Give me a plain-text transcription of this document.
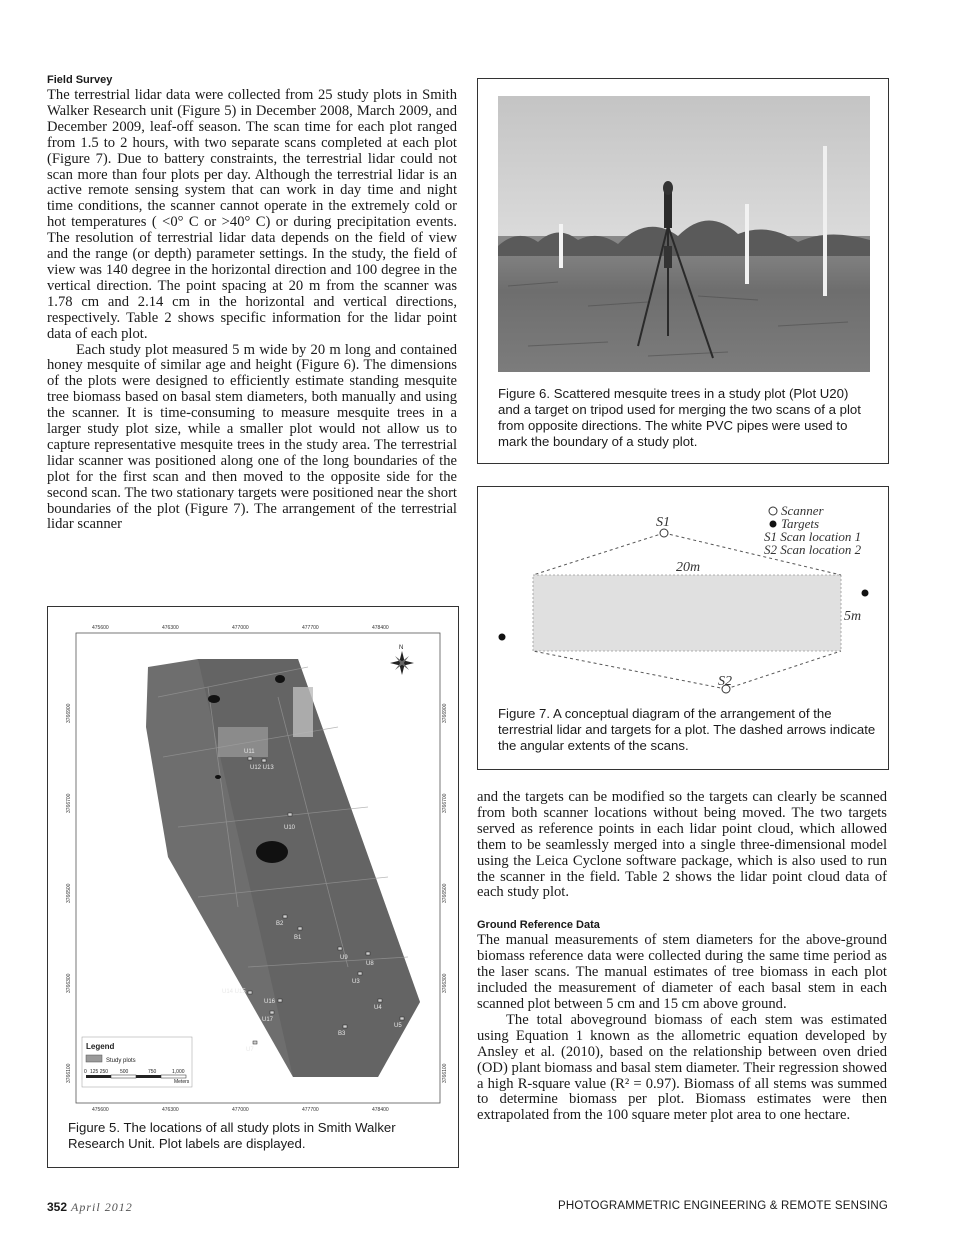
Field Survey

The terrestrial lidar data were collected from 25 study plots in Smith Walker Research unit (Figure 5) in December 2008, March 2009, and December 2009, leaf-off season. The scan time for each plot ranged from 1.5 to 2 hours, with two separate scans completed at each plot (Figure 7). Due to battery constraints, the terrestrial lidar could not scan more than four plots per day. Although the terrestrial lidar is an active remote sensing system that can work in day time and night time conditions, the scanner cannot operate in the extremely cold or hot temperatures ( <0° C or >40° C) or during precipitation events. The resolution of terrestrial lidar data depends on the field of view and the range (or depth) parameter settings. In the study, the field of view was 140 degree in the horizontal direction and 100 degree in the vertical direction. The point spacing at 20 m from the scanner was 1.78 cm and 2.14 cm in the horizontal and vertical directions, respectively. Table 2 shows specific information for the lidar point data of each plot.

Each study plot measured 5 m wide by 20 m long and contained honey mesquite of similar age and height (Figure 6). The dimensions of the plots were designed to efficiently estimate standing mesquite tree biomass based on basal stem diameters, both manually and using the scanner. It is time-consuming to measure mesquite trees in a larger study plot size, while a smaller plot would not allow us to capture representative mesquite trees in the study area. The terrestrial lidar scanner was positioned along one of the long boundaries of the plot for the first scan and then moved to the opposite side for the second scan. The two stationary targets were positioned near the short boundaries of the plot (Figure 7). The arrangement of the terrestrial lidar scanner

Figure 6. Scattered mesquite trees in a study plot (Plot U20) and a target on tripod used for merging the two scans of a plot from opposite directions. The white PVC pipes were used to mark the boundary of a study plot.
Scanner
Targets
S1 Scan location 1
S2 Scan location 2
S1
S2
20m
5m
Figure 7. A conceptual diagram of the arrangement of the terrestrial lidar and targets for a plot. The dashed arrows indicate the angular extents of the scans.
U11
U12 U13
U10
B2
B1
U9
U8
U14 U15
U16
U17
U7
B3
U4
U5
U3
N
Legend
Study plots
0 125 250 500	750	1,000
Meters
475600	476300	477000	477700	478400
475600	476300	477000	477700	478400
3766900
3766700
3766500
3766300
3766100
3766900
3766700
3766500
3766300
3766100
Figure 5. The locations of all study plots in Smith Walker Research Unit. Plot labels are displayed.

and the targets can be modified so the targets can clearly be scanned from both scanner locations without being moved. The two targets served as reference points in each lidar point cloud, which allowed them to be seamlessly merged into a single three-dimensional model using the Leica Cyclone software package, which is also used to run the scanner in the field. Table 2 shows the lidar point cloud data of each study plot.

Ground Reference Data

The manual measurements of stem diameters for the above-ground biomass reference data were collected during the same time period as the laser scans. The manual estimates of tree biomass in each plot included the measurement of diameter of each basal stem in each scanned plot between 5 cm and 15 cm above ground.

The total aboveground biomass of each stem was estimated using Equation 1 known as the allometric equation developed by Ansley et al. (2010), based on the relationship between oven dried (OD) plant biomass and basal stem diameter. Their regression showed a high R-square value (R² = 0.97). Biomass of all stems was summed to determine biomass per plot. Biomass estimates were then extrapolated from the 100 square meter plot area to one hectare.

352 April 2012	PHOTOGRAMMETRIC ENGINEERING & REMOTE SENSING
